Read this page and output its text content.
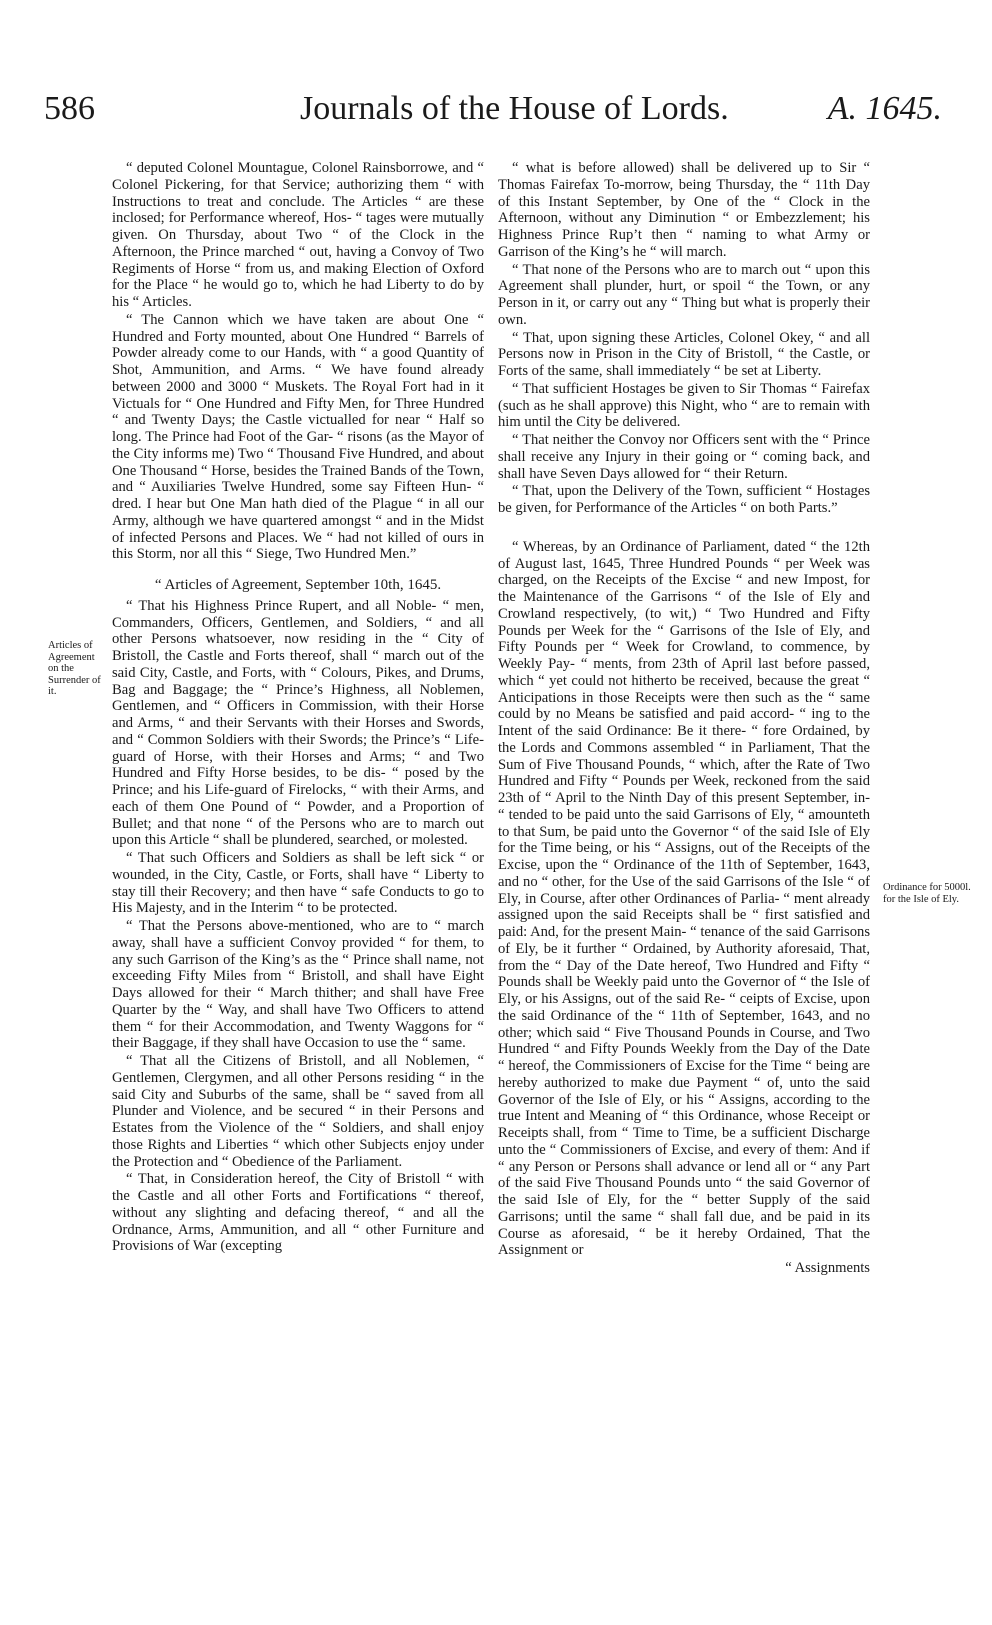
586	Journals of the House of Lords.	A. 1645.
Articles of Agreement on the Surrender of it.
Ordinance for 5000l. for the Isle of Ely.

“ deputed Colonel Mountague, Colonel Rainsborrowe, and “ Colonel Pickering, for that Service; authorizing them “ with Instructions to treat and conclude. The Articles “ are these inclosed; for Performance whereof, Hos- “ tages were mutually given. On Thursday, about Two “ of the Clock in the Afternoon, the Prince marched “ out, having a Convoy of Two Regiments of Horse “ from us, and making Election of Oxford for the Place “ he would go to, which he had Liberty to do by his “ Articles.

“ The Cannon which we have taken are about One “ Hundred and Forty mounted, about One Hundred “ Barrels of Powder already come to our Hands, with “ a good Quantity of Shot, Ammunition, and Arms. “ We have found already between 2000 and 3000 “ Muskets. The Royal Fort had in it Victuals for “ One Hundred and Fifty Men, for Three Hundred “ and Twenty Days; the Castle victualled for near “ Half so long. The Prince had Foot of the Gar- “ risons (as the Mayor of the City informs me) Two “ Thousand Five Hundred, and about One Thousand “ Horse, besides the Trained Bands of the Town, and “ Auxiliaries Twelve Hundred, some say Fifteen Hun- “ dred. I hear but One Man hath died of the Plague “ in all our Army, although we have quartered amongst “ and in the Midst of infected Persons and Places. We “ had not killed of ours in this Storm, nor all this “ Siege, Two Hundred Men.”

“ Articles of Agreement, September 10th, 1645.

“ That his Highness Prince Rupert, and all Noble- “ men, Commanders, Officers, Gentlemen, and Soldiers, “ and all other Persons whatsoever, now residing in the “ City of Bristoll, the Castle and Forts thereof, shall “ march out of the said City, Castle, and Forts, with “ Colours, Pikes, and Drums, Bag and Baggage; the “ Prince’s Highness, all Noblemen, Gentlemen, and “ Officers in Commission, with their Horse and Arms, “ and their Servants with their Horses and Swords, and “ Common Soldiers with their Swords; the Prince’s “ Life-guard of Horse, with their Horses and Arms; “ and Two Hundred and Fifty Horse besides, to be dis- “ posed by the Prince; and his Life-guard of Firelocks, “ with their Arms, and each of them One Pound of “ Powder, and a Proportion of Bullet; and that none “ of the Persons who are to march out upon this Article “ shall be plundered, searched, or molested.

“ That such Officers and Soldiers as shall be left sick “ or wounded, in the City, Castle, or Forts, shall have “ Liberty to stay till their Recovery; and then have “ safe Conducts to go to His Majesty, and in the Interim “ to be protected.

“ That the Persons above-mentioned, who are to “ march away, shall have a sufficient Convoy provided “ for them, to any such Garrison of the King’s as the “ Prince shall name, not exceeding Fifty Miles from “ Bristoll, and shall have Eight Days allowed for their “ March thither; and shall have Free Quarter by the “ Way, and shall have Two Officers to attend them “ for their Accommodation, and Twenty Waggons for “ their Baggage, if they shall have Occasion to use the “ same.

“ That all the Citizens of Bristoll, and all Noblemen, “ Gentlemen, Clergymen, and all other Persons residing “ in the said City and Suburbs of the same, shall be “ saved from all Plunder and Violence, and be secured “ in their Persons and Estates from the Violence of the “ Soldiers, and shall enjoy those Rights and Liberties “ which other Subjects enjoy under the Protection and “ Obedience of the Parliament.

“ That, in Consideration hereof, the City of Bristoll “ with the Castle and all other Forts and Fortifications “ thereof, without any slighting and defacing thereof, “ and all the Ordnance, Arms, Ammunition, and all “ other Furniture and Provisions of War (excepting

“ what is before allowed) shall be delivered up to Sir “ Thomas Fairefax To-morrow, being Thursday, the “ 11th Day of this Instant September, by One of the “ Clock in the Afternoon, without any Diminution “ or Embezzlement; his Highness Prince Rup’t then “ naming to what Army or Garrison of the King’s he “ will march.

“ That none of the Persons who are to march out “ upon this Agreement shall plunder, hurt, or spoil “ the Town, or any Person in it, or carry out any “ Thing but what is properly their own.

“ That, upon signing these Articles, Colonel Okey, “ and all Persons now in Prison in the City of Bristoll, “ the Castle, or Forts of the same, shall immediately “ be set at Liberty.

“ That sufficient Hostages be given to Sir Thomas “ Fairefax (such as he shall approve) this Night, who “ are to remain with him until the City be delivered.

“ That neither the Convoy nor Officers sent with the “ Prince shall receive any Injury in their going or “ coming back, and shall have Seven Days allowed for “ their Return.

“ That, upon the Delivery of the Town, sufficient “ Hostages be given, for Performance of the Articles “ on both Parts.”

“ Whereas, by an Ordinance of Parliament, dated “ the 12th of August last, 1645, Three Hundred Pounds “ per Week was charged, on the Receipts of the Excise “ and new Impost, for the Maintenance of the Garrisons “ of the Isle of Ely and Crowland respectively, (to wit,) “ Two Hundred and Fifty Pounds per Week for the “ Garrisons of the Isle of Ely, and Fifty Pounds per “ Week for Crowland, to commence, by Weekly Pay- “ ments, from 23th of April last before passed, which “ yet could not hitherto be received, because the great “ Anticipations in those Receipts were then such as the “ same could by no Means be satisfied and paid accord- “ ing to the Intent of the said Ordinance: Be it there- “ fore Ordained, by the Lords and Commons assembled “ in Parliament, That the Sum of Five Thousand Pounds, “ which, after the Rate of Two Hundred and Fifty “ Pounds per Week, reckoned from the said 23th of “ April to the Ninth Day of this present September, in- “ tended to be paid unto the said Garrisons of Ely, “ amounteth to that Sum, be paid unto the Governor “ of the said Isle of Ely for the Time being, or his “ Assigns, out of the Receipts of the Excise, upon the “ Ordinance of the 11th of September, 1643, and no “ other, for the Use of the said Garrisons of the Isle “ of Ely, in Course, after other Ordinances of Parlia- “ ment already assigned upon the said Receipts shall be “ first satisfied and paid: And, for the present Main- “ tenance of the said Garrisons of Ely, be it further “ Ordained, by Authority aforesaid, That, from the “ Day of the Date hereof, Two Hundred and Fifty “ Pounds shall be Weekly paid unto the Governor of “ the Isle of Ely, or his Assigns, out of the said Re- “ ceipts of Excise, upon the said Ordinance of the “ 11th of September, 1643, and no other; which said “ Five Thousand Pounds in Course, and Two Hundred “ and Fifty Pounds Weekly from the Day of the Date “ hereof, the Commissioners of Excise for the Time “ being are hereby authorized to make due Payment “ of, unto the said Governor of the Isle of Ely, or his “ Assigns, according to the true Intent and Meaning of “ this Ordinance, whose Receipt or Receipts shall, from “ Time to Time, be a sufficient Discharge unto the “ Commissioners of Excise, and every of them: And if “ any Person or Persons shall advance or lend all or “ any Part of the said Five Thousand Pounds unto “ the said Governor of the said Isle of Ely, for the “ better Supply of the said Garrisons; until the same “ shall fall due, and be paid in its Course as aforesaid, “ be it hereby Ordained, That the Assignment or

“ Assignments
